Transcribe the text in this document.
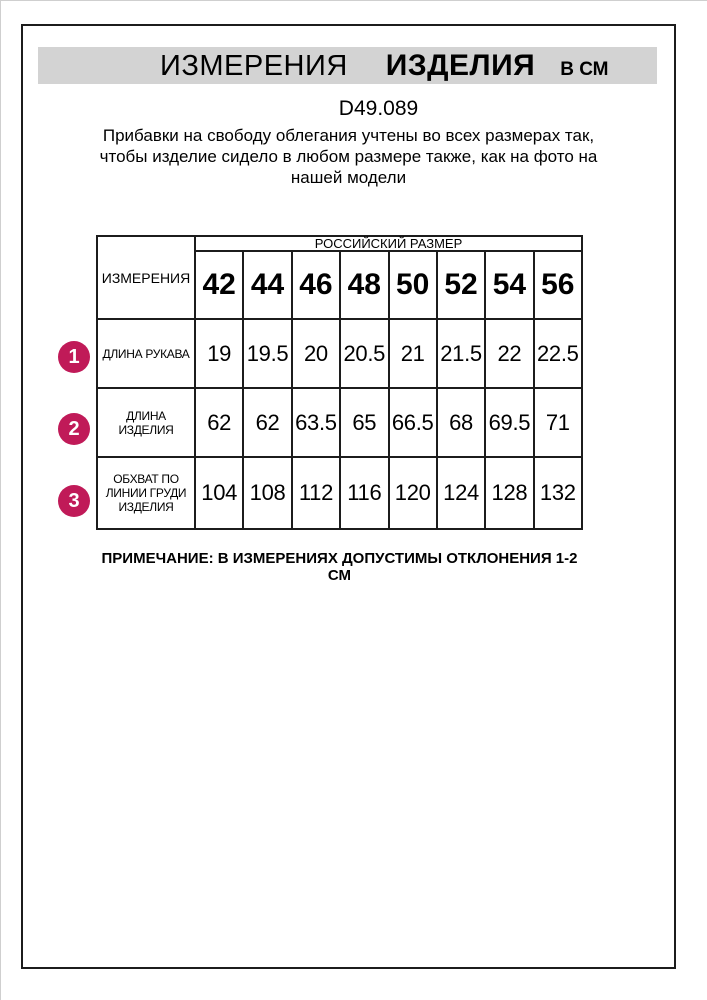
ИЗМЕРЕНИЯ ИЗДЕЛИЯ В СМ
D49.089
Прибавки на свободу облегания учтены во всех размерах так, чтобы изделие сидело в любом размере также, как на фото на нашей модели
ИЗМЕРЕНИЯ	РОССИЙСКИЙ РАЗМЕР							
	42	44	46	48	50	52	54	56
ДЛИНА РУКАВА	19	19.5	20	20.5	21	21.5	22	22.5
ДЛИНА ИЗДЕЛИЯ	62	62	63.5	65	66.5	68	69.5	71
ОБХВАТ ПО ЛИНИИ ГРУДИ ИЗДЕЛИЯ	104	108	112	116	120	124	128	132
1
2
3
ПРИМЕЧАНИЕ: В ИЗМЕРЕНИЯХ ДОПУСТИМЫ ОТКЛОНЕНИЯ 1-2 СМ
